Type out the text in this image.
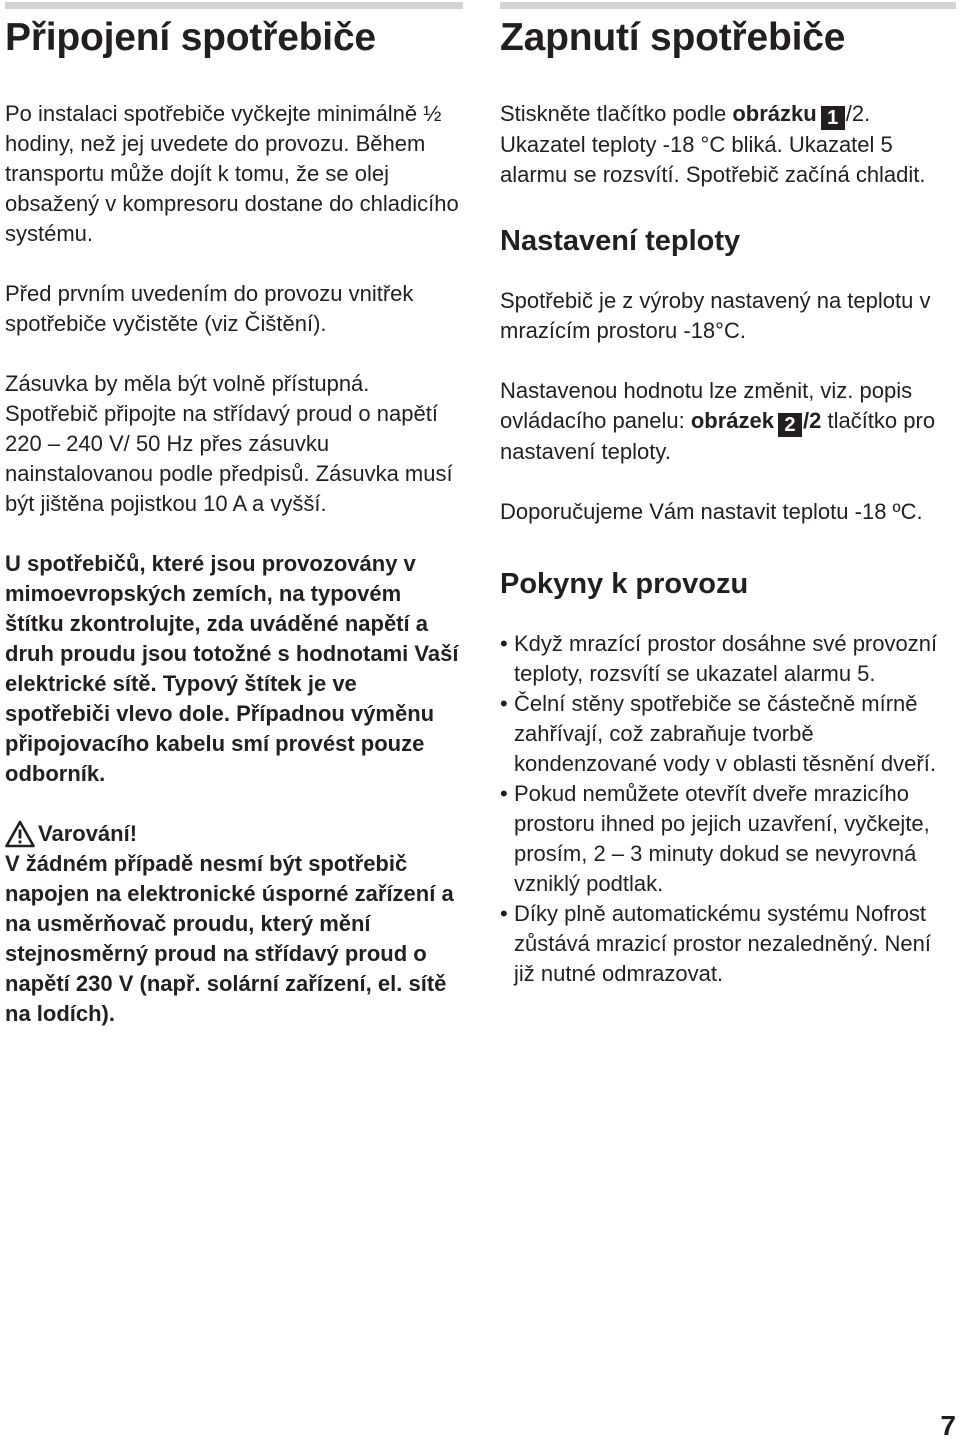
Připojení spotřebiče

Po instalaci spotřebiče vyčkejte minimálně ½ hodiny, než jej uvedete do provozu. Během transportu může dojít k tomu, že se olej obsažený v kompresoru dostane do chladicího systému.

Před prvním uvedením do provozu vnitřek spotřebiče vyčistěte (viz Čištění).

Zásuvka by měla být volně přístupná. Spotřebič připojte na střídavý proud o napětí 220 – 240 V/ 50 Hz přes zásuvku nainstalovanou podle předpisů. Zásuvka musí být jištěna pojistkou 10 A a vyšší.

U spotřebičů, které jsou provozovány v mimoevropských zemích, na typovém štítku zkontrolujte, zda uváděné napětí a druh proudu jsou totožné s hodnotami Vaší elektrické sítě. Typový štítek je ve spotřebiči vlevo dole. Případnou výměnu připojovacího kabelu smí provést pouze odborník.

Varování!

V žádném případě nesmí být spotřebič napojen na elektronické úsporné zařízení a na usměrňovač proudu, který mění stejnosměrný proud na střídavý proud o napětí 230 V (např. solární zařízení, el. sítě na lodích).

Zapnutí spotřebiče

Stiskněte tlačítko podle obrázku 1 /2. Ukazatel teploty -18 °C bliká. Ukazatel 5 alarmu se rozsvítí. Spotřebič začíná chladit.

Nastavení teploty

Spotřebič je z výroby nastavený na teplotu v mrazícím prostoru -18°C.

Nastavenou hodnotu lze změnit, viz. popis ovládacího panelu: obrázek 2 /2 tlačítko pro nastavení teploty.

Doporučujeme Vám nastavit teplotu -18 ºC.

Pokyny k provozu
• Když mrazící prostor dosáhne své provozní teploty, rozsvítí se ukazatel alarmu 5.
• Čelní stěny spotřebiče se částečně mírně zahřívají, což zabraňuje tvorbě kondenzované vody v oblasti těsnění dveří.
• Pokud nemůžete otevřít dveře mrazicího prostoru ihned po jejich uzavření, vyčkejte, prosím, 2 – 3 minuty dokud se nevyrovná vzniklý podtlak.
• Díky plně automatickému systému Nofrost zůstává mrazicí prostor nezaledněný. Není již nutné odmrazovat.
7
